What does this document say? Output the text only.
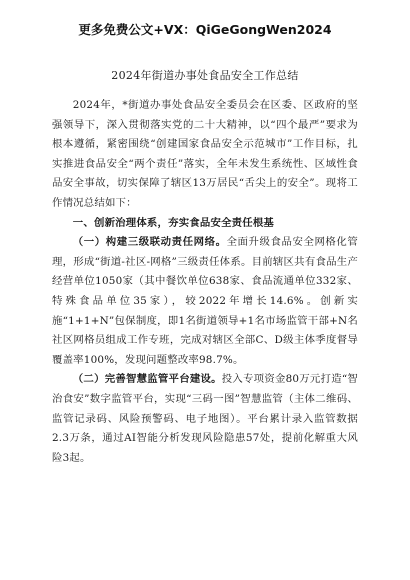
更多免费公文+VX：QiGeGongWen2024
2024年街道办事处食品安全工作总结

2024年，*街道办事处食品安全委员会在区委、区政府的坚强领导下，深入贯彻落实党的二十大精神，以“四个最严”要求为根本遵循，紧密围绕“创建国家食品安全示范城市”工作目标，扎实推进食品安全“两个责任”落实，全年未发生系统性、区域性食品安全事故，切实保障了辖区13万居民“舌尖上的安全”。现将工作情况总结如下：

一、创新治理体系，夯实食品安全责任根基

（一）构建三级联动责任网络。全面升级食品安全网格化管理，形成“街道-社区-网格”三级责任体系。目前辖区共有食品生产经营单位1050家（其中餐饮单位638家、食品流通单位332家、特殊食品单位35家），较2022年增长14.6%。创新实施“1+1+N”包保制度，即1名街道领导+1名市场监管干部+N名社区网格员组成工作专班，完成对辖区全部C、D级主体季度督导覆盖率100%，发现问题整改率98.7%。

（二）完善智慧监管平台建设。投入专项资金80万元打造“智治食安”数字监管平台，实现“三码一图”智慧监管（主体二维码、监管记录码、风险预警码、电子地图）。平台累计录入监管数据2.3万条，通过AI智能分析发现风险隐患57处，提前化解重大风险3起。
